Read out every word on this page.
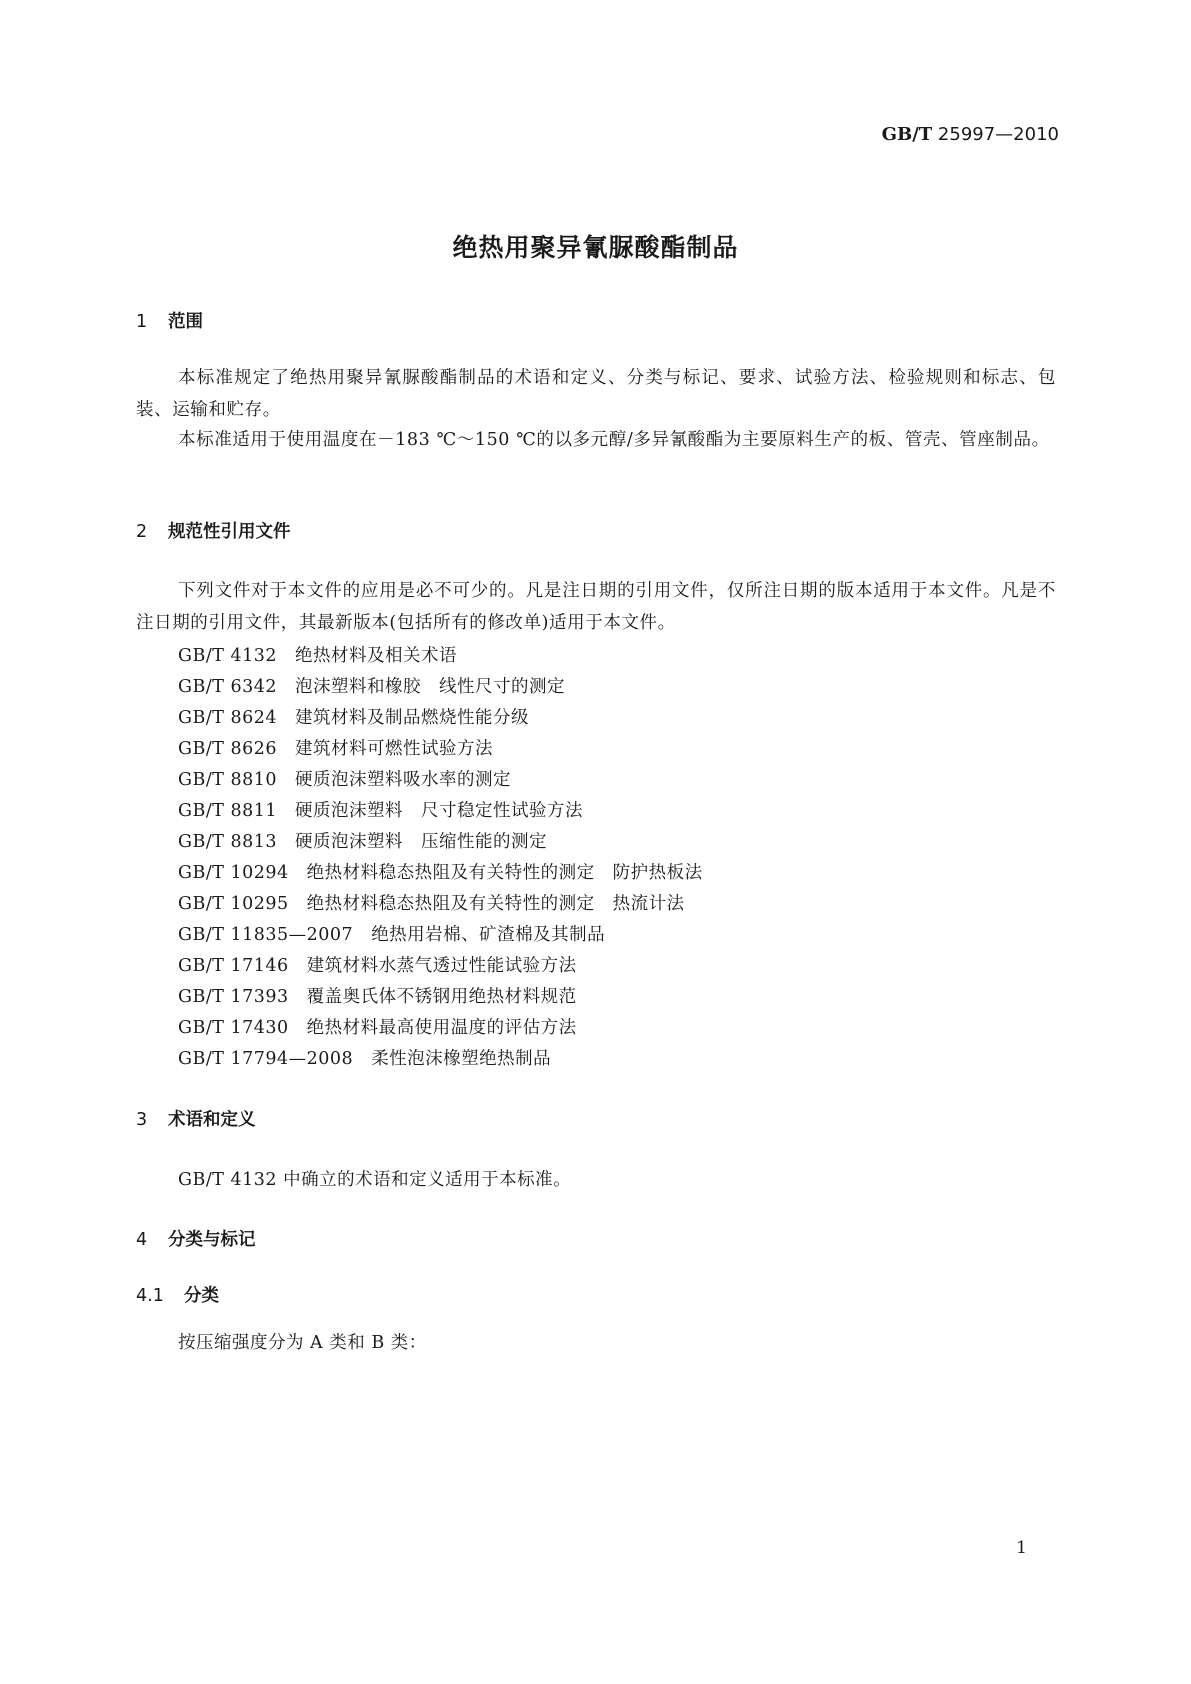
GB/T 25997—2010
绝热用聚异氰脲酸酯制品
1 范围
本标准规定了绝热用聚异氰脲酸酯制品的术语和定义、分类与标记、要求、试验方法、检验规则和标志、包装、运输和贮存。
本标准适用于使用温度在－183 ℃～150 ℃的以多元醇/多异氰酸酯为主要原料生产的板、管壳、管座制品。
2 规范性引用文件
下列文件对于本文件的应用是必不可少的。凡是注日期的引用文件，仅所注日期的版本适用于本文件。凡是不注日期的引用文件，其最新版本(包括所有的修改单)适用于本文件。
GB/T 4132 绝热材料及相关术语
GB/T 6342 泡沫塑料和橡胶　线性尺寸的测定
GB/T 8624 建筑材料及制品燃烧性能分级
GB/T 8626 建筑材料可燃性试验方法
GB/T 8810 硬质泡沫塑料吸水率的测定
GB/T 8811 硬质泡沫塑料　尺寸稳定性试验方法
GB/T 8813 硬质泡沫塑料　压缩性能的测定
GB/T 10294 绝热材料稳态热阻及有关特性的测定　防护热板法
GB/T 10295 绝热材料稳态热阻及有关特性的测定　热流计法
GB/T 11835—2007 绝热用岩棉、矿渣棉及其制品
GB/T 17146 建筑材料水蒸气透过性能试验方法
GB/T 17393 覆盖奥氏体不锈钢用绝热材料规范
GB/T 17430 绝热材料最高使用温度的评估方法
GB/T 17794—2008 柔性泡沫橡塑绝热制品
3 术语和定义
GB/T 4132 中确立的术语和定义适用于本标准。
4 分类与标记
4.1 分类
按压缩强度分为 A 类和 B 类：
1
